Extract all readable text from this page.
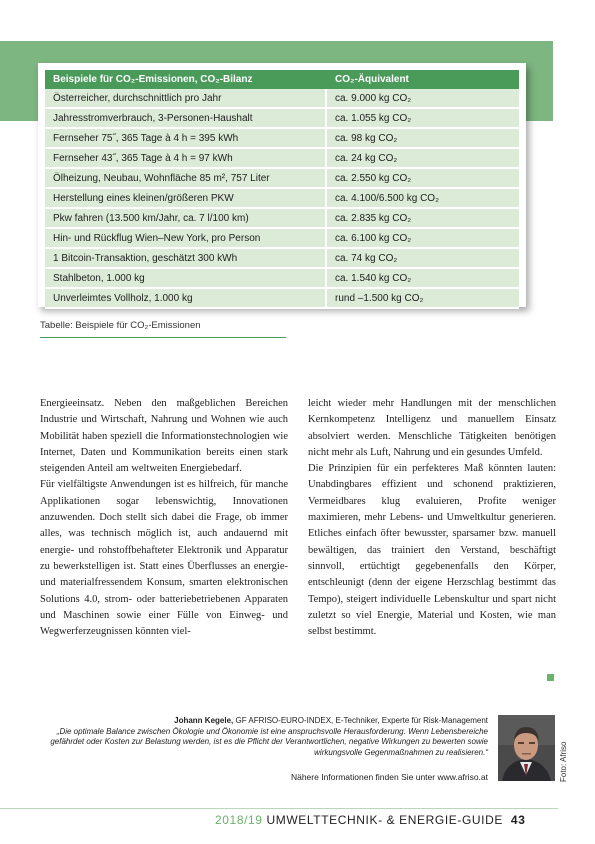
Beispiele für CO₂-Emissionen, CO₂-Bilanz	CO₂-Äquivalent
Österreicher, durchschnittlich pro Jahr	ca. 9.000 kg CO₂
Jahresstromverbrauch, 3-Personen-Haushalt	ca. 1.055 kg CO₂
Fernseher 75˝, 365 Tage à 4 h = 395 kWh	ca. 98 kg CO₂
Fernseher 43˝, 365 Tage à 4 h = 97 kWh	ca. 24 kg CO₂
Ölheizung, Neubau, Wohnfläche 85 m², 757 Liter	ca. 2.550 kg CO₂
Herstellung eines kleinen/größeren PKW	ca. 4.100/6.500 kg CO₂
Pkw fahren (13.500 km/Jahr, ca. 7 l/100 km)	ca. 2.835 kg CO₂
Hin- und Rückflug Wien–New York, pro Person	ca. 6.100 kg CO₂
1 Bitcoin-Transaktion, geschätzt 300 kWh	ca. 74 kg CO₂
Stahlbeton, 1.000 kg	ca. 1.540 kg CO₂
Unverleimtes Vollholz, 1.000 kg	rund –1.500 kg CO₂
Tabelle: Beispiele für CO₂-Emissionen

Energieeinsatz. Neben den maßgeblichen Bereichen Industrie und Wirtschaft, Nahrung und Wohnen wie auch Mobilität haben speziell die Informationstechnologien wie Internet, Daten und Kommunikation bereits einen stark steigenden Anteil am weltweiten Energiebedarf.

Für vielfältigste Anwendungen ist es hilfreich, für manche Applikationen sogar lebenswichtig, Innovationen anzuwenden. Doch stellt sich dabei die Frage, ob immer alles, was technisch möglich ist, auch andauernd mit energie- und rohstoffbehafteter Elektronik und Apparatur zu bewerkstelligen ist. Statt eines Überflusses an energie- und materialfressendem Konsum, smarten elektronischen Solutions 4.0, strom- oder batteriebetriebenen Apparaten und Maschinen sowie einer Fülle von Einweg- und Wegwerferzeugnissen könnten viel-

leicht wieder mehr Handlungen mit der menschlichen Kernkompetenz Intelligenz und manuellem Einsatz absolviert werden. Menschliche Tätigkeiten benötigen nicht mehr als Luft, Nahrung und ein gesundes Umfeld.

Die Prinzipien für ein perfekteres Maß könnten lauten: Unabdingbares effizient und schonend praktizieren, Vermeidbares klug evaluieren, Profite weniger maximieren, mehr Lebens- und Umweltkultur generieren. Etliches einfach öfter bewusster, sparsamer bzw. manuell bewältigen, das trainiert den Verstand, beschäftigt sinnvoll, ertüchtigt gegebenenfalls den Körper, entschleunigt (denn der eigene Herzschlag bestimmt das Tempo), steigert individuelle Lebenskultur und spart nicht zuletzt so viel Energie, Material und Kosten, wie man selbst bestimmt.

Johann Kegele, GF AFRISO-EURO-INDEX, E-Techniker, Experte für Risk-Management
„Die optimale Balance zwischen Ökologie und Ökonomie ist eine anspruchsvolle Herausforderung. Wenn Lebensbereiche gefährdet oder Kosten zur Belastung werden, ist es die Pflicht der Verantwortlichen, negative Wirkungen zu bewerten sowie wirkungsvolle Gegenmaßnahmen zu realisieren.“
Nähere Informationen finden Sie unter www.afriso.at	Foto: Afriso
2018/19 UMWELTTECHNIK- & ENERGIE-GUIDE 43
